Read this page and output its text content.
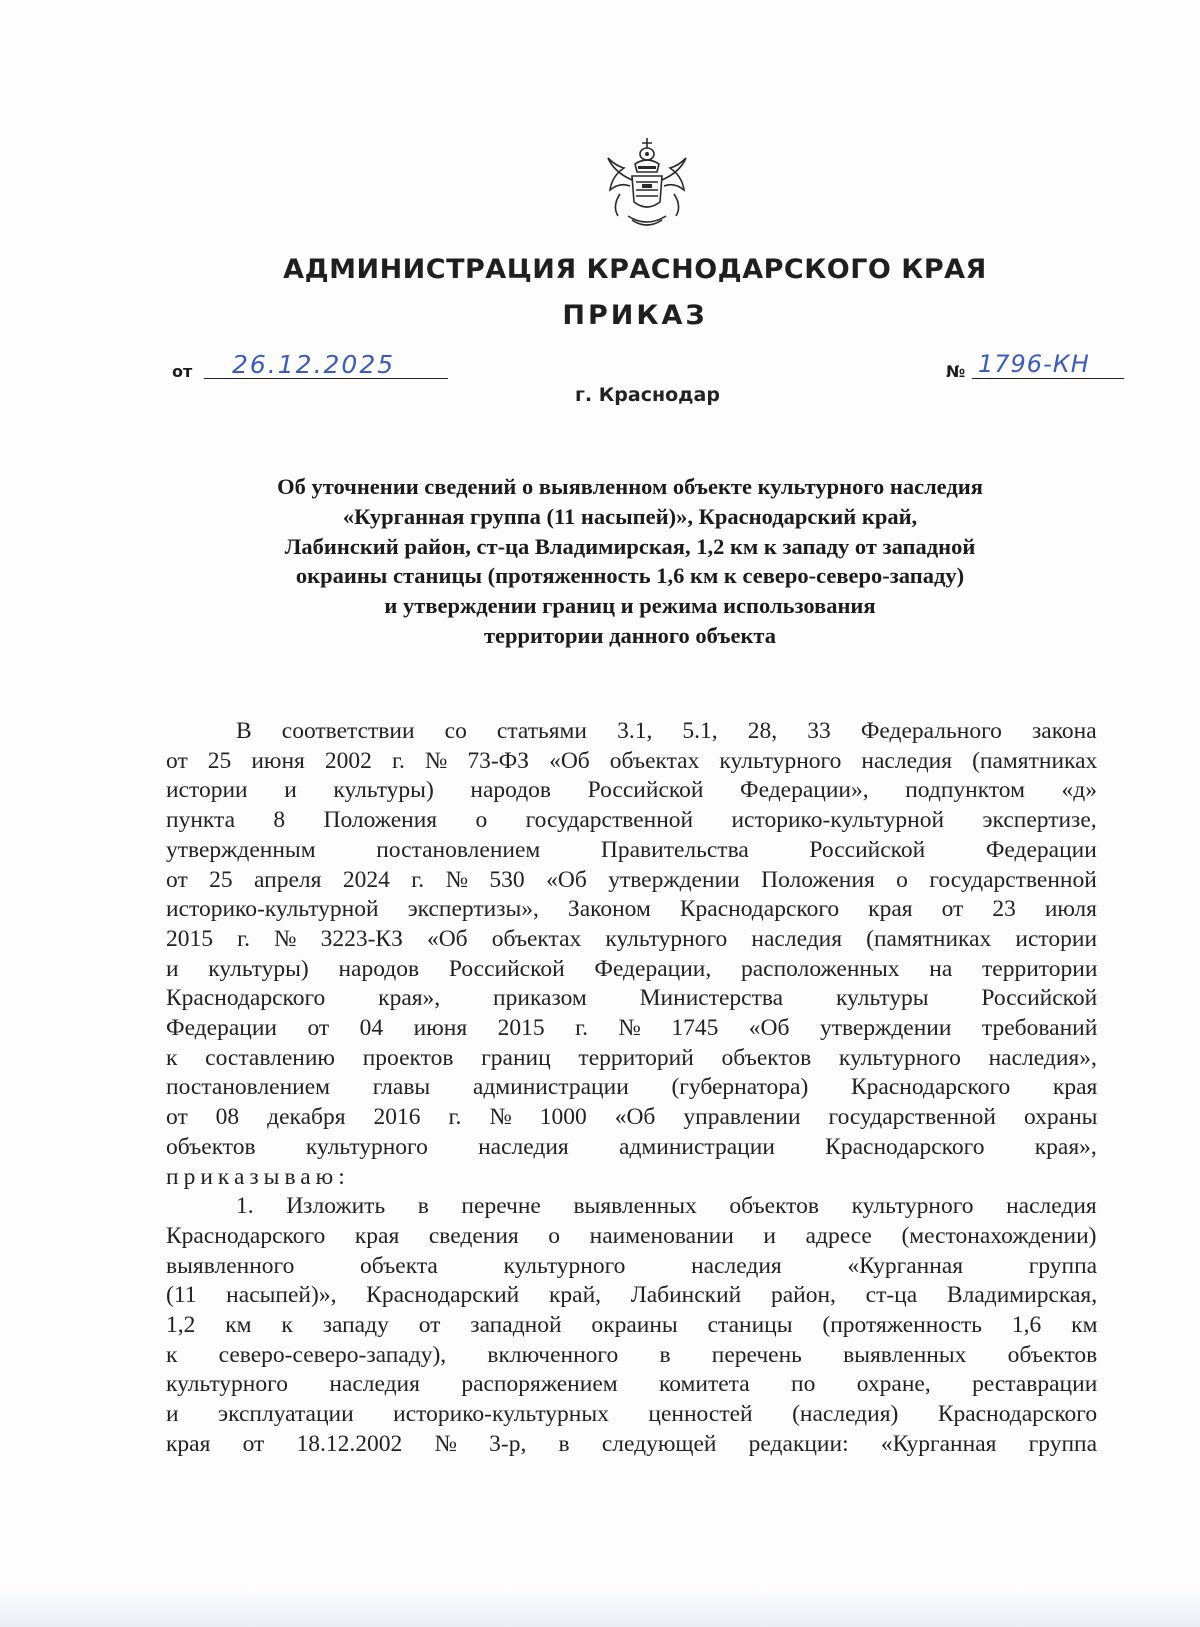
АДМИНИСТРАЦИЯ КРАСНОДАРСКОГО КРАЯ
ПРИКАЗ
от 26.12.2025	№ 1796-КН
г. Краснодар
Об уточнении сведений о выявленном объекте культурного наследия
«Курганная группа (11 насыпей)», Краснодарский край,
Лабинский район, ст-ца Владимирская, 1,2 км к западу от западной
окраины станицы (протяженность 1,6 км к северо-северо-западу)
и утверждении границ и режима использования
территории данного объекта
В соответствии со статьями 3.1, 5.1, 28, 33 Федерального закона
от 25 июня 2002 г. № 73-ФЗ «Об объектах культурного наследия (памятниках
истории и культуры) народов Российской Федерации», подпунктом «д»
пункта 8 Положения о государственной историко-культурной экспертизе,
утвержденным постановлением Правительства Российской Федерации
от 25 апреля 2024 г. № 530 «Об утверждении Положения о государственной
историко-культурной экспертизы», Законом Краснодарского края от 23 июля
2015 г. № 3223-КЗ «Об объектах культурного наследия (памятниках истории
и культуры) народов Российской Федерации, расположенных на территории
Краснодарского края», приказом Министерства культуры Российской
Федерации от 04 июня 2015 г. № 1745 «Об утверждении требований
к составлению проектов границ территорий объектов культурного наследия»,
постановлением главы администрации (губернатора) Краснодарского края
от 08 декабря 2016 г. № 1000 «Об управлении государственной охраны
объектов культурного наследия администрации Краснодарского края»,
приказываю:
1. Изложить в перечне выявленных объектов культурного наследия
Краснодарского края сведения о наименовании и адресе (местонахождении)
выявленного объекта культурного наследия «Курганная группа
(11 насыпей)», Краснодарский край, Лабинский район, ст-ца Владимирская,
1,2 км к западу от западной окраины станицы (протяженность 1,6 км
к северо-северо-западу), включенного в перечень выявленных объектов
культурного наследия распоряжением комитета по охране, реставрации
и эксплуатации историко-культурных ценностей (наследия) Краснодарского
края от 18.12.2002 № 3-р, в следующей редакции: «Курганная группа
